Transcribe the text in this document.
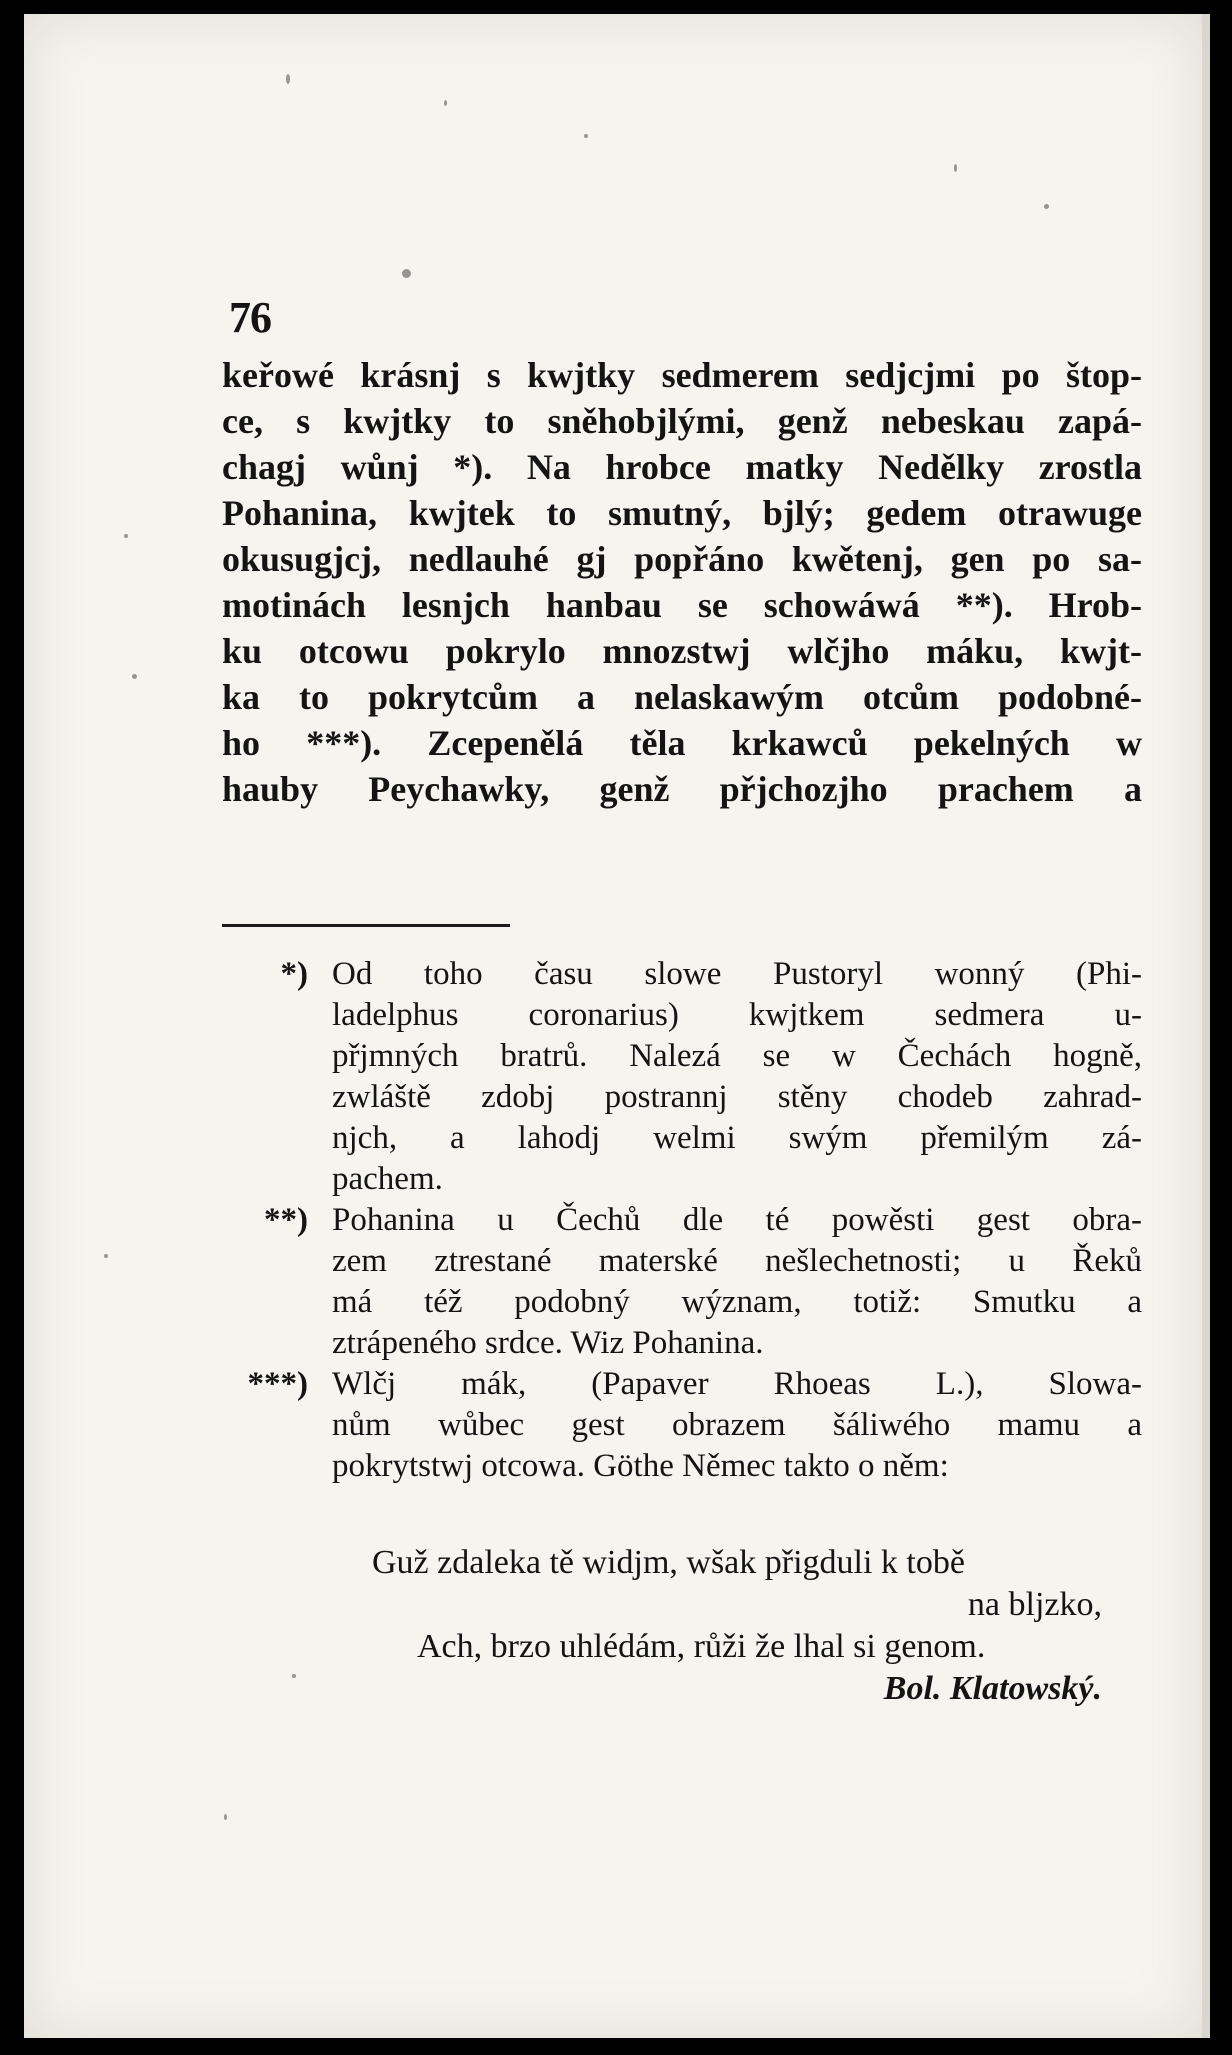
76
keřowé krásnj s kwjtky sedmerem sedjcjmi po štop-
ce, s kwjtky to sněhobjlými, genž nebeskau zapá-
chagj wůnj *). Na hrobce matky Nedělky zrostla
Pohanina, kwjtek to smutný, bjlý; gedem otrawuge
okusugjcj, nedlauhé gj popřáno kwětenj, gen po sa-
motinách lesnjch hanbau se schowáwá **). Hrob-
ku otcowu pokrylo mnozstwj wlčjho máku, kwjt-
ka to pokrytcům a nelaskawým otcům podobné-
ho ***). Zcepenělá těla krkawců pekelných w
hauby Peychawky, genž přjchozjho prachem a
*) Od toho času slowe Pustoryl wonný (Phi-
ladelphus coronarius) kwjtkem sedmera u-
přjmných bratrů. Nalezá se w Čechách hogně,
zwláště zdobj postrannj stěny chodeb zahrad-
njch, a lahodj welmi swým přemilým zá-
pachem.
**) Pohanina u Čechů dle té powěsti gest obra-
zem ztrestané materské nešlechetnosti; u Řeků
má též podobný wýznam, totiž: Smutku a
ztrápeného srdce. Wiz Pohanina.
***) Wlčj mák, (Papaver Rhoeas L.), Slowa-
nům wůbec gest obrazem šáliwého mamu a
pokrytstwj otcowa. Göthe Němec takto o něm:
Guž zdaleka tě widjm, wšak přigduli k tobě
na bljzko,
Ach, brzo uhlédám, růži že lhal si genom.
Bol. Klatowský.
